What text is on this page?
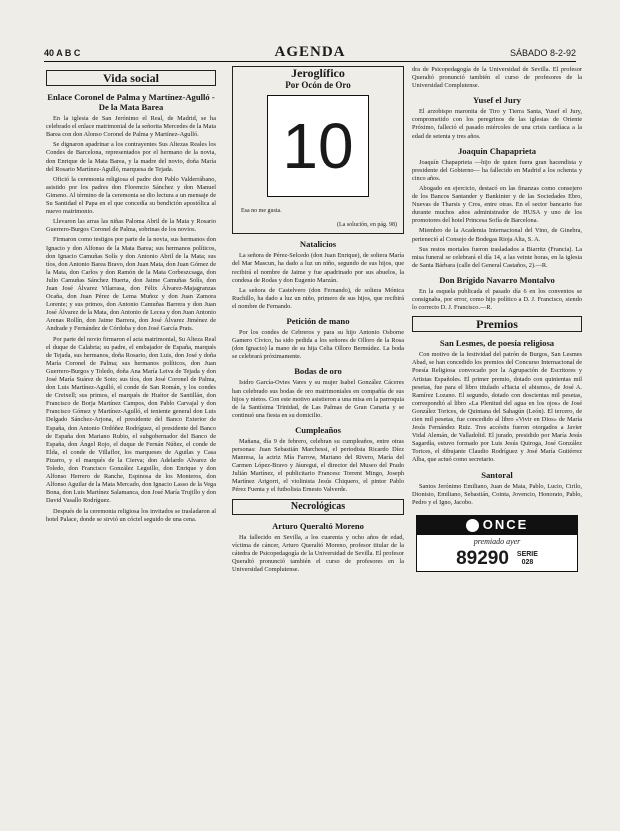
40 A B C	AGENDA	SÁBADO 8-2-92
Vida social
Enlace Coronel de Palma y Martínez-Agulló - De la Mata Barea

En la iglesia de San Jerónimo el Real, de Madrid, se ha celebrado el enlace matrimonial de la señorita Mercedes de la Mata Barea con don Alonso Coronel de Palma y Martínez-Agulló.

Se dignaron apadrinar a los contrayentes Sus Altezas Reales los Condes de Barcelona, representados por el hermano de la novia, don Enrique de la Mata Barea, y la madre del novio, doña María del Rosario Martínez-Agulló, marquesa de Tejada.

Ofició la ceremonia religiosa el padre don Pablo Valderrábano, asistido por los padres don Florencio Sánchez y don Manuel Gimeno. Al término de la ceremonia se dio lectura a un mensaje de Su Santidad el Papa en el que concedía su bendición apostólica al nuevo matrimonio.

Llevaron las arras las niñas Paloma Abril de la Mata y Rosario Guerrero-Burgos Coronel de Palma, sobrinas de los novios.

Firmaron como testigos por parte de la novia, sus hermanos don Ignacio y don Alfonso de la Mata Barea; sus hermanos políticos, don Ignacio Camuñas Solís y don Antonio Abril de la Mata; sus tíos, don Antonio Barea Bravo, don Juan Mata, don Juan Gómez de la Mata, don Carlos y don Ramón de la Mata Corbeszcsaga, don Julio Camuñas Sánchez Huerta, don Jaime Camuñas Solís, don Juan José Álvarez Vilarrasa, don Félix Álvarez-Majagranzas Ocaña, don Juan Pérez de Lema Muñoz y don Juan Zamora Lorente; y sus primos, don Antonio Camuñas Barrera y don Juan José Álvarez de la Mata, don Antonio de Lecea y don Juan Antonio Arenas Rollín, don Jaime Barrera, don José Álvarez Jiménez de Andrade y Fernández de Córdoba y don José García Prats.

Por parte del novio firmaron el acta matrimonial, Su Alteza Real el duque de Calabria; su padre, el embajador de España, marqués de Tejada, sus hermanos, doña Rosario, don Luis, don José y doña María Coronel de Palma; sus hermanos políticos, don Juan Guerrero-Burgos y Toledo, doña Ana María Leiva de Tejada y don José María Suárez de Soto; sus tíos, don José Coronel de Palma, don Luis Martínez-Agulló, el conde de San Román, y los condes de Creixell; sus primos, el marqués de Huétor de Santillán, don Francisco de Borja Martínez Campos, don Pablo Carvajal y don Francisco Gómez y Martínez-Agulló, el teniente general don Luis Delgado Sánchez-Arjona, el presidente del Banco Exterior de España, don Antonio Ordóñez Rodríguez, el presidente del Banco de España don Mariano Rubio, el subgobernador del Banco de España, don Ángel Rojo, el duque de Fernán Núñez, el conde de Elda, el conde de Villaflor, los marqueses de Aguilas y Casa Pizarro, y el marqués de la Cierva; don Adelardo Alvarez de Toledo, don Francisco González Leguillo, don Enrique y don Alfonso Herrero de Ranche, Espinosa de los Monteros, don Alfonso Aguilar de la Mata Mercado, don Ignacio Lasso de la Vega Bona, don Luis Martínez Salamanca, don José María Trujillo y don David Vasallo Rodríguez.

Después de la ceremonia religiosa los invitados se trasladaron al hotel Palace, donde se sirvió un cóctel seguido de una cena.

Jeroglífico
Por Ocón de Oro
10
Esa no me gusta.
(La solución, en pág. 98)
Natalicios

La señora de Pérez-Selcedo (don Juan Enrique), de soltera María del Mar Mascun, ha dado a luz un niño, segundo de sus hijos, que recibirá el nombre de Jaime y fue apadrinado por sus abuelos, la condesa de Rodas y don Eugenio Marzán.

La señora de Castelvero (don Fernando), de soltera Mónica Ruchillo, ha dado a luz un niño, primero de sus hijos, que recibirá el nombre de Fernando.

Petición de mano

Por los condes de Cebreros y para su hijo Antonio Osborne Gamero Cívico, ha sido pedida a los señores de Olloro de la Rosa (don Ignacio) la mano de su hija Celia Olloro Bermúdez. La boda se celebrará próximamente.

Bodas de oro

Isidro García-Ovies Vares y su mujer Isabel González Cáceres han celebrado sus bodas de oro matrimoniales en compañía de sus hijos y nietos. Con este motivo asistieron a una misa en la parroquia de la Santísima Trinidad, de Las Palmas de Gran Canaria y se continuó una fiesta en su domicilio.

Cumpleaños

Mañana, día 9 de febrero, celebran su cumpleaños, entre otras personas: Juan Sebastián Marchessi, el periodista Ricardo Díez Manresa, la actriz Mía Farrow, Mariano del Rivero, María del Carmen López-Bravo y Jáuregui, el director del Museo del Prado Julián Martínez, el publicitario Francesc Torrent Mingo, Joseph Martínez Arigorri, el violinista Jesús Chiquero, el pintor Pablo Pérez Fuenta y el futbolista Ernesto Valverde.

Necrológicas
Arturo Queraltó Moreno

Ha fallecido en Sevilla, a los cuarenta y ocho años de edad, víctima de cáncer, Arturo Queraltó Moreno, profesor titular de la cátedra de Psicopedagogía de la Universidad de Sevilla. El profesor Queraltó pronunció también el curso de profesores en la Universidad Complutense.

dra de Psicopedagogía de la Universidad de Sevilla. El profesor Queraltó pronunció también el curso de profesores de la Universidad Complutense.

Yusef el Jury

El arzobispo maronita de Tiro y Tierra Santa, Yusef el Jury, comprometido con los peregrinos de las iglesias de Oriente Próximo, falleció el pasado miércoles de una crisis cardíaca a la edad de setenta y tres años.

Joaquín Chapaprieta

Joaquín Chapaprieta —hijo de quien fuera gran hacendista y presidente del Gobierno— ha fallecido en Madrid a los ochenta y cinco años.

Abogado en ejercicio, destacó en las finanzas como consejero de los Bancos Santander y Bankinter y de las Sociedades Ebro, Nuevas de Tharsis y Cros, entre otras. En el sector bancario fue durante muchos años administrador de HUSA y uno de los promotores del hotel Princesa Sofía de Barcelona.

Miembro de la Academia Internacional del Vino, de Ginebra, perteneció al Consejo de Bodegas Rioja Alta, S. A.

Sus restos mortales fueron trasladados a Biarritz (Francia). La misa funeral se celebrará el día 14, a las veinte horas, en la iglesia de Santa Bárbara (calle del General Castaños, 2).—R.

Don Brígido Navarro Montalvo

En la esquela publicada el pasado día 6 en los conventos se consignaba, por error, como hijo político a D. J. Francisco, siendo lo correcto D. J. Francisco.—R.

Premios
San Lesmes, de poesía religiosa

Con motivo de la festividad del patrón de Burgos, San Lesmes Abad, se han concedido los premios del Concurso Internacional de Poesía Religiosa convocado por la Agrupación de Escritores y Artistas Españoles. El primer premio, dotado con quinientas mil pesetas, fue para el libro titulado «Hacia el abismo», de José A. Ramírez Lozano. El segundo, dotado con doscientas mil pesetas, correspondió al libro «La Plenitud del agua en los ojos» de José González Torices, de Quintana del Sahagún (León). El tercero, de cien mil pesetas, fue concedido al libro «Vivir en Dios» de María Jesús Fernández Ruiz. Tres accésits fueron otorgados a Javier Vidal Alemán, de Valladolid. El jurado, presidido por María Jesús Sagardía, estuvo formado por Luis Jesús Quiroga, José González Torices, el dibujante Claudio Rodríguez y José María Gutiérrez Alba, que actuó como secretario.

Santoral

Santos Jerónimo Emiliano, Juan de Mata, Pablo, Lucio, Cirilo, Dionisio, Emiliano, Sebastián, Cointa, Jovencio, Honorato, Pablo, Pedro y el Igno, Jacobo.

ONCE
premiado ayer
89290 SERIE
028
